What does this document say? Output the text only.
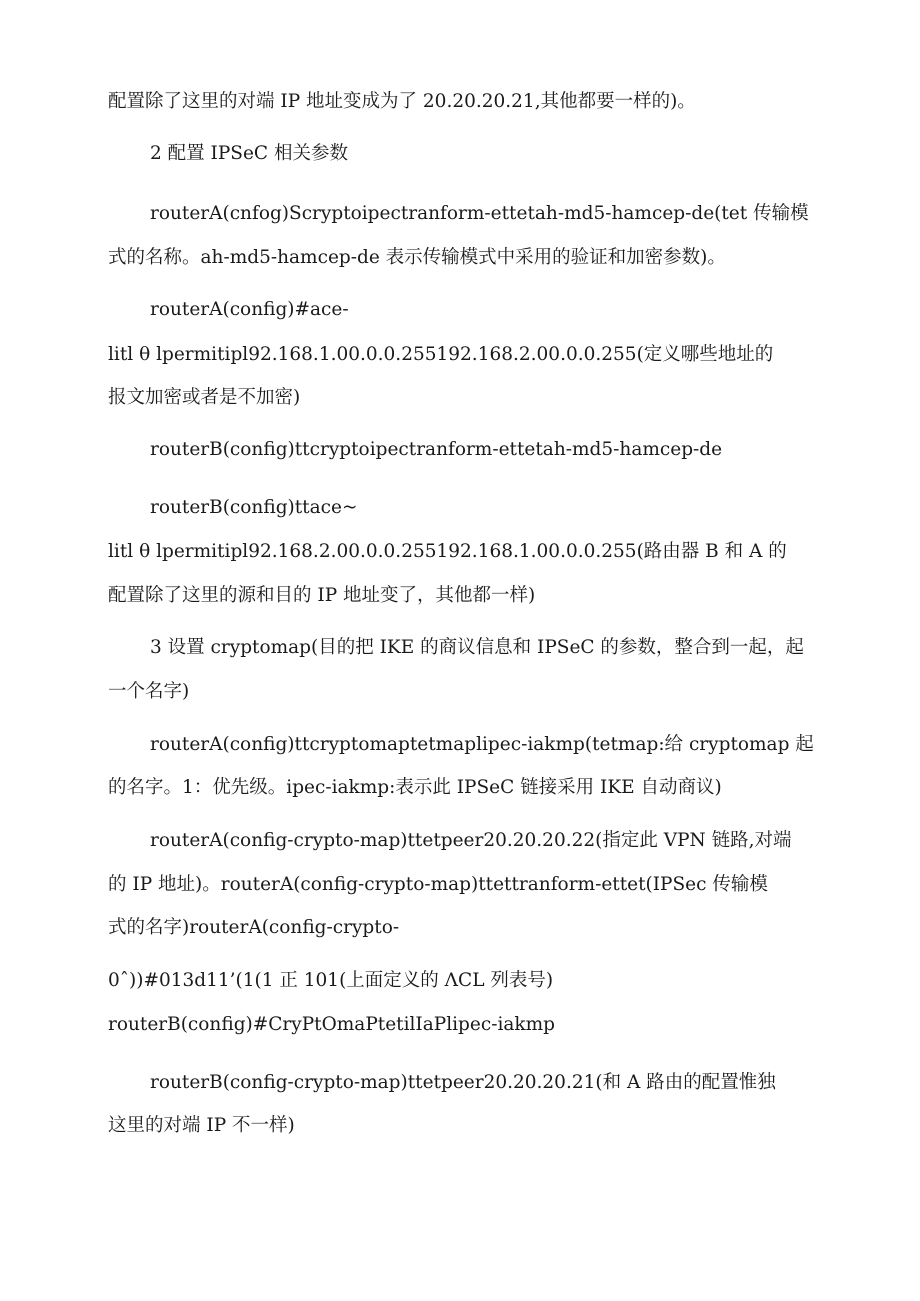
配置除了这里的对端 IP 地址变成为了 20.20.20.21,其他都要一样的)。
2 配置 IPSeC 相关参数
routerA(cnfog)Scryptoipectranform-ettetah-md5-hamcep-de(tet 传输模
式的名称。ah-md5-hamcep-de 表示传输模式中采用的验证和加密参数)。
routerA(config)#ace-
litl θ lpermitipl92.168.1.00.0.0.255192.168.2.00.0.0.255(定义哪些地址的
报文加密或者是不加密)
routerB(config)ttcryptoipectranform-ettetah-md5-hamcep-de
routerB(config)ttace~
litl θ lpermitipl92.168.2.00.0.0.255192.168.1.00.0.0.255(路由器 B 和 A 的
配置除了这里的源和目的 IP 地址变了，其他都一样)
3 设置 cryptomap(目的把 IKE 的商议信息和 IPSeC 的参数，整合到一起，起
一个名字)
routerA(config)ttcryptomaptetmaplipec-iakmp(tetmap:给 cryptomap 起
的名字。1：优先级。ipec-iakmp:表示此 IPSeC 链接采用 IKE 自动商议)
routerA(config-crypto-map)ttetpeer20.20.20.22(指定此 VPN 链路,对端
的 IP 地址)。routerA(config-crypto-map)ttettranform-ettet(IPSec 传输模
式的名字)routerA(config-crypto-
0ˆ))#013d11’(1(1 正 101(上面定义的 ΛCL 列表号)
routerB(config)#CryPtOmaPtetilIaPlipec-iakmp
routerB(config-crypto-map)ttetpeer20.20.20.21(和 A 路由的配置惟独
这里的对端 IP 不一样)
